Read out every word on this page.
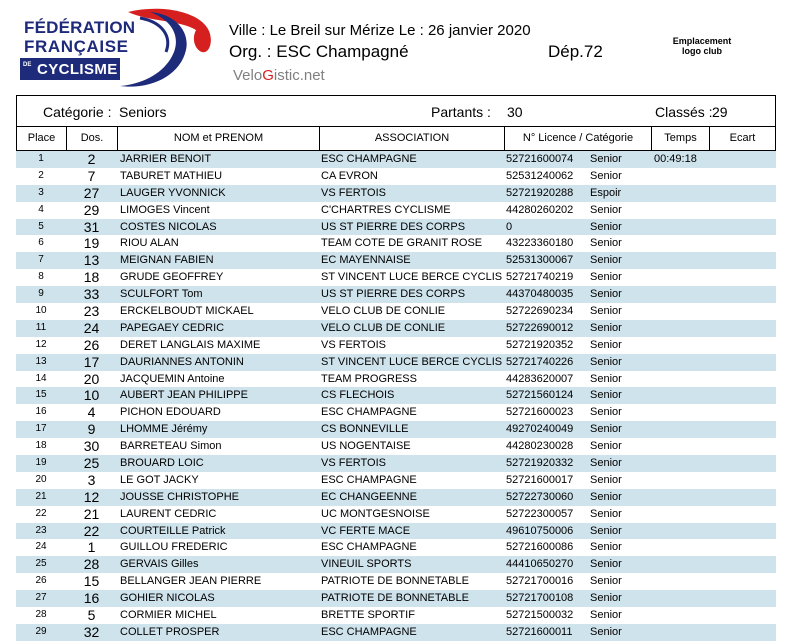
FÉDÉRATION
FRANÇAISE
DE CYCLISME
Ville : Le Breil sur Mérize Le : 26 janvier 2020
Org. : ESC Champagné	Dép.72
VeloGistic.net
Emplacement
logo club
Catégorie : Seniors	Partants : 30	Classés : 29
Place	Dos.	NOM et PRENOM	ASSOCIATION	N° Licence / Catégorie	Temps	Ecart
1	2	JARRIER BENOIT	ESC CHAMPAGNE	52721600074	Senior	00:49:18
2	7	TABURET MATHIEU	CA EVRON	52531240062	Senior
3	27	LAUGER YVONNICK	VS FERTOIS	52721920288	Espoir
4	29	LIMOGES Vincent	C'CHARTRES CYCLISME	44280260202	Senior
5	31	COSTES NICOLAS	US ST PIERRE DES CORPS	0	Senior
6	19	RIOU ALAN	TEAM COTE DE GRANIT ROSE	43223360180	Senior
7	13	MEIGNAN FABIEN	EC MAYENNAISE	52531300067	Senior
8	18	GRUDE GEOFFREY	ST VINCENT LUCE BERCE CYCLIS 52721740219	Senior
9	33	SCULFORT Tom	US ST PIERRE DES CORPS	44370480035	Senior
10	23	ERCKELBOUDT MICKAEL	VELO CLUB DE CONLIE	52722690234	Senior
11	24	PAPEGAEY CEDRIC	VELO CLUB DE CONLIE	52722690012	Senior
12	26	DERET LANGLAIS MAXIME	VS FERTOIS	52721920352	Senior
13	17	DAURIANNES ANTONIN	ST VINCENT LUCE BERCE CYCLIS 52721740226	Senior
14	20	JACQUEMIN Antoine	TEAM PROGRESS	44283620007	Senior
15	10	AUBERT JEAN PHILIPPE	CS FLECHOIS	52721560124	Senior
16	4	PICHON EDOUARD	ESC CHAMPAGNE	52721600023	Senior
17	9	LHOMME Jérémy	CS BONNEVILLE	49270240049	Senior
18	30	BARRETEAU Simon	US NOGENTAISE	44280230028	Senior
19	25	BROUARD LOIC	VS FERTOIS	52721920332	Senior
20	3	LE GOT JACKY	ESC CHAMPAGNE	52721600017	Senior
21	12	JOUSSE CHRISTOPHE	EC CHANGEENNE	52722730060	Senior
22	21	LAURENT CEDRIC	UC MONTGESNOISE	52722300057	Senior
23	22	COURTEILLE Patrick	VC FERTE MACE	49610750006	Senior
24	1	GUILLOU FREDERIC	ESC CHAMPAGNE	52721600086	Senior
25	28	GERVAIS Gilles	VINEUIL SPORTS	44410650270	Senior
26	15	BELLANGER JEAN PIERRE	PATRIOTE DE BONNETABLE	52721700016	Senior
27	16	GOHIER NICOLAS	PATRIOTE DE BONNETABLE	52721700108	Senior
28	5	CORMIER MICHEL	BRETTE SPORTIF	52721500032	Senior
29	32	COLLET PROSPER	ESC CHAMPAGNE	52721600011	Senior
